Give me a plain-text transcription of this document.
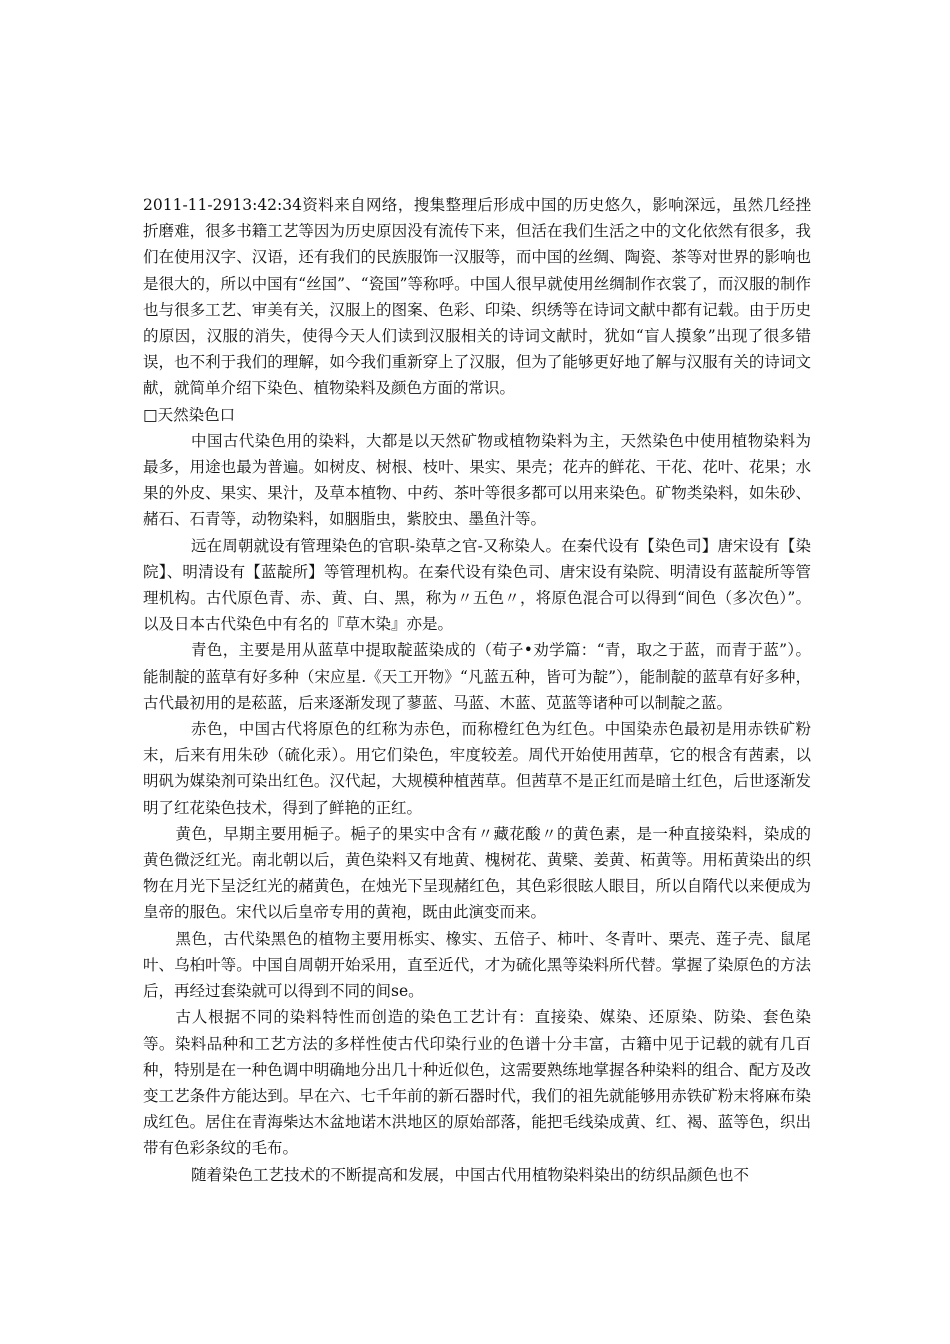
2011-11-2913:42:34资料来自网络，搜集整理后形成中国的历史悠久，影响深远，虽然几经挫折磨难，很多书籍工艺等因为历史原因没有流传下来，但活在我们生活之中的文化依然有很多，我们在使用汉字、汉语，还有我们的民族服饰一汉服等，而中国的丝绸、陶瓷、茶等对世界的影响也是很大的，所以中国有“丝国”、“瓷国”等称呼。中国人很早就使用丝绸制作衣裳了，而汉服的制作也与很多工艺、审美有关，汉服上的图案、色彩、印染、织绣等在诗词文献中都有记载。由于历史的原因，汉服的消失，使得今天人们读到汉服相关的诗词文献时，犹如“盲人摸象”出现了很多错误，也不利于我们的理解，如今我们重新穿上了汉服，但为了能够更好地了解与汉服有关的诗词文献，就简单介绍下染色、植物染料及颜色方面的常识。

□天然染色口

中国古代染色用的染料，大都是以天然矿物或植物染料为主，天然染色中使用植物染料为最多，用途也最为普遍。如树皮、树根、枝叶、果实、果壳；花卉的鲜花、干花、花叶、花果；水果的外皮、果实、果汁，及草本植物、中药、茶叶等很多都可以用来染色。矿物类染料，如朱砂、赭石、石青等，动物染料，如胭脂虫，紫胶虫、墨鱼汁等。

远在周朝就设有管理染色的官职-染草之官-又称染人。在秦代设有【染色司】唐宋设有【染院】、明清设有【蓝靛所】等管理机构。在秦代设有染色司、唐宋设有染院、明清设有蓝靛所等管理机构。古代原色青、赤、黄、白、黑，称为〃五色〃，将原色混合可以得到“间色（多次色）”。以及日本古代染色中有名的『草木染』亦是。

青色，主要是用从蓝草中提取靛蓝染成的（荀子•劝学篇：“青，取之于蓝，而青于蓝”）。能制靛的蓝草有好多种（宋应星.《天工开物》“凡蓝五种，皆可为靛”），能制靛的蓝草有好多种，古代最初用的是菘蓝，后来逐渐发现了蓼蓝、马蓝、木蓝、苋蓝等诸种可以制靛之蓝。

赤色，中国古代将原色的红称为赤色，而称橙红色为红色。中国染赤色最初是用赤铁矿粉末，后来有用朱砂（硫化汞）。用它们染色，牢度较差。周代开始使用茜草，它的根含有茜素，以明矾为媒染剂可染出红色。汉代起，大规模种植茜草。但茜草不是正红而是暗土红色，后世逐渐发明了红花染色技术，得到了鲜艳的正红。

黄色，早期主要用梔子。梔子的果实中含有〃藏花酸〃的黄色素，是一种直接染料，染成的黄色微泛红光。南北朝以后，黄色染料又有地黄、槐树花、黄檗、姜黄、柘黄等。用柘黄染出的织物在月光下呈泛红光的赭黄色，在烛光下呈现赭红色，其色彩很眩人眼目，所以自隋代以来便成为皇帝的服色。宋代以后皇帝专用的黄袍，既由此演变而来。

黑色，古代染黑色的植物主要用栎实、橡实、五倍子、柿叶、冬青叶、栗壳、莲子壳、鼠尾叶、乌桕叶等。中国自周朝开始采用，直至近代，才为硫化黑等染料所代替。掌握了染原色的方法后，再经过套染就可以得到不同的间se。

古人根据不同的染料特性而创造的染色工艺计有：直接染、媒染、还原染、防染、套色染等。染料品种和工艺方法的多样性使古代印染行业的色谱十分丰富，古籍中见于记载的就有几百种，特别是在一种色调中明确地分出几十种近似色，这需要熟练地掌握各种染料的组合、配方及改变工艺条件方能达到。早在六、七千年前的新石器时代，我们的祖先就能够用赤铁矿粉末将麻布染成红色。居住在青海柴达木盆地诺木洪地区的原始部落，能把毛线染成黄、红、褐、蓝等色，织出带有色彩条纹的毛布。

随着染色工艺技术的不断提高和发展，中国古代用植物染料染出的纺织品颜色也不
